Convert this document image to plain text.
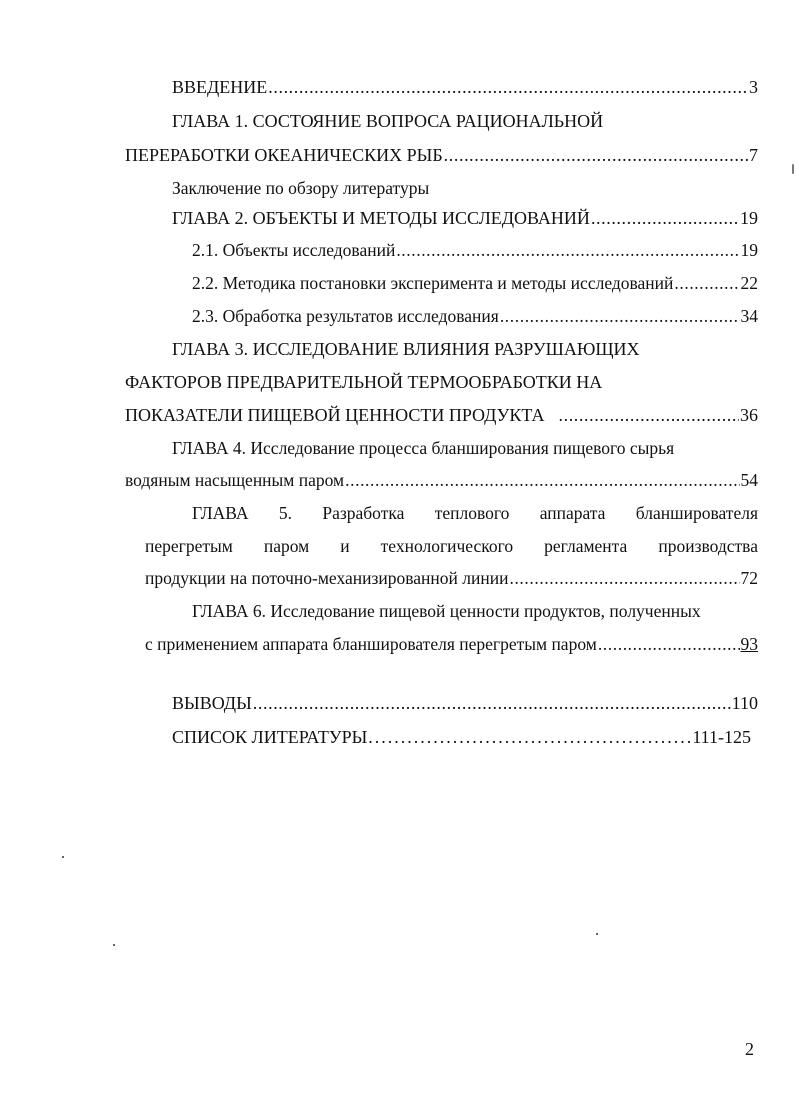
ВВЕДЕНИЕ .....	3
ГЛАВА 1. СОСТОЯНИЕ ВОПРОСА РАЦИОНАЛЬНОЙ
ПЕРЕРАБОТКИ ОКЕАНИЧЕСКИХ РЫБ .....	7
Заключение по обзору литературы
ГЛАВА 2. ОБЪЕКТЫ И МЕТОДЫ ИССЛЕДОВАНИЙ .....	19
2.1. Объекты исследований .....	19
2.2. Методика постановки эксперимента и методы исследований .....	22
2.3. Обработка результатов исследования .....	34
ГЛАВА 3. ИССЛЕДОВАНИЕ ВЛИЯНИЯ РАЗРУШАЮЩИХ
ФАКТОРОВ ПРЕДВАРИТЕЛЬНОЙ ТЕРМООБРАБОТКИ НА
ПОКАЗАТЕЛИ ПИЩЕВОЙ ЦЕННОСТИ ПРОДУКТА .....	36
ГЛАВА 4. Исследование процесса бланширования пищевого сырья
водяным насыщенным паром .....	54
ГЛАВА 5. Разработка теплового аппарата бланширователя
перегретым паром и технологического регламента производства
продукции на поточно-механизированной линии .....	72
ГЛАВА 6. Исследование пищевой ценности продуктов, полученных
с применением аппарата бланширователя перегретым паром .....	93
ВЫВОДЫ .....	110
СПИСОК ЛИТЕРАТУРЫ .....	111-125
2
